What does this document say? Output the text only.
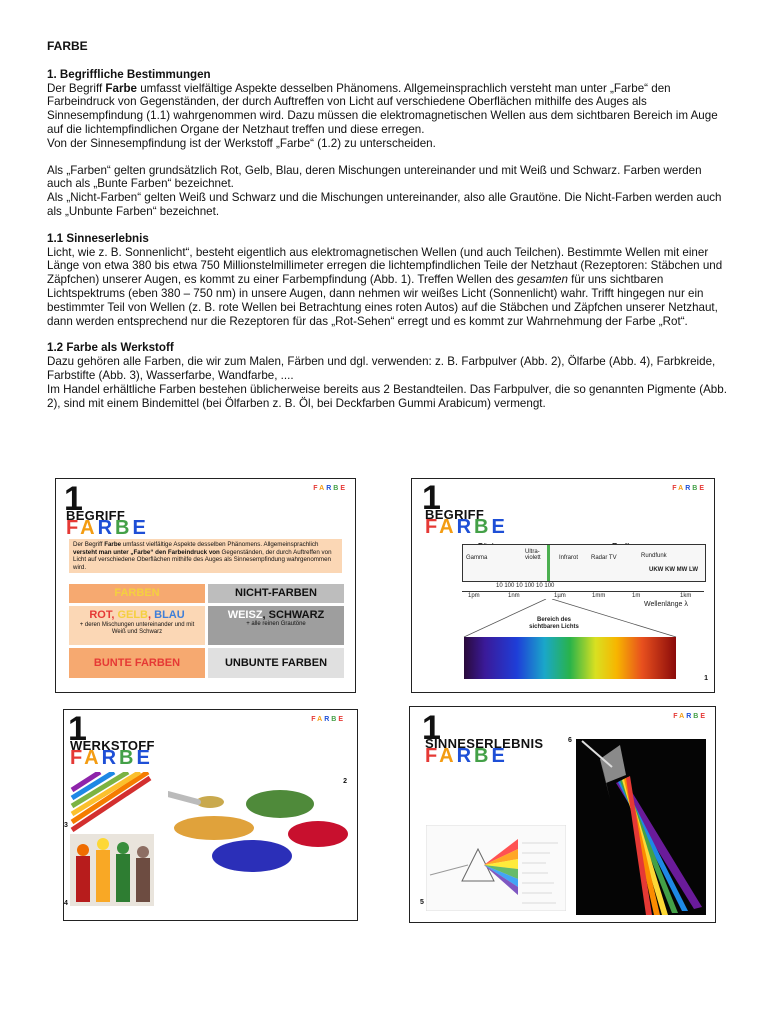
FARBE
1. Begriffliche Bestimmungen

Der Begriff Farbe umfasst vielfältige Aspekte desselben Phänomens. Allgemeinsprachlich versteht man unter „Farbe“ den Farbeindruck von Gegenständen, der durch Auftreffen von Licht auf verschiedene Oberflächen mithilfe des Auges als Sinnesempfindung (1.1) wahrgenommen wird. Dazu müssen die elektromagnetischen Wellen aus dem sichtbaren Bereich im Auge auf die lichtempfindlichen Organe der Netzhaut treffen und diese erregen.

Von der Sinnesempfindung ist der Werkstoff „Farbe“ (1.2) zu unterscheiden.

Als „Farben“ gelten grundsätzlich Rot, Gelb, Blau, deren Mischungen untereinander und mit Weiß und Schwarz. Farben werden auch als „Bunte Farben“ bezeichnet.

Als „Nicht-Farben“ gelten Weiß und Schwarz und die Mischungen untereinander, also alle Grautöne. Die Nicht-Farben werden auch als „Unbunte Farben“ bezeichnet.

1.1 Sinneserlebnis

Licht, wie z. B. Sonnenlicht“, besteht eigentlich aus elektromagnetischen Wellen (und auch Teilchen). Bestimmte Wellen mit einer Länge von etwa 380 bis etwa 750 Millionstelmillimeter erregen die lichtempfindlichen Teile der Netzhaut (Rezeptoren: Stäbchen und Zäpfchen) unserer Augen, es kommt zu einer Farbempfindung (Abb. 1). Treffen Wellen des gesamten für uns sichtbaren Lichtspektrums (eben 380 – 750 nm) in unsere Augen, dann nehmen wir weißes Licht (Sonnenlicht) wahr. Trifft hingegen nur ein bestimmter Teil von Wellen (z. B. rote Wellen bei Betrachtung eines roten Autos) auf die Stäbchen und Zäpfchen unserer Netzhaut, dann werden entsprechend nur die Rezeptoren für das „Rot-Sehen“ erregt und es kommt zur Wahrnehmung der Farbe „Rot“.

1.2 Farbe als Werkstoff

Dazu gehören alle Farben, die wir zum Malen, Färben und dgl. verwenden: z. B. Farbpulver (Abb. 2), Ölfarbe (Abb. 4), Farbkreide, Farbstifte (Abb. 3), Wasserfarbe, Wandfarbe, ....

Im Handel erhältliche Farben bestehen üblicherweise bereits aus 2 Bestandteilen. Das Farbpulver, die so genannten Pigmente (Abb. 2), sind mit einem Bindemittel (bei Ölfarben z. B. Öl, bei Deckfarben Gummi Arabicum) vermengt.

1
BEGRIFF
FARBE
FARBE
Der Begriff Farbe umfasst vielfältige Aspekte desselben Phänomens. Allgemeinsprachlich versteht man unter „Farbe“ den Farbeindruck von Gegenständen, der durch Auftreffen von Licht auf verschiedene Oberflächen mithilfe des Auges als Sinnesempfindung wahrgenommen wird.
FARBEN	NICHT-FARBEN
ROT, GELB, BLAU
+ deren Mischungen untereinander und mit Weiß und Schwarz
WEISZ, SCHWARZ
+ alle reinen Grautöne
BUNTE FARBEN	UNBUNTE FARBEN
1
BEGRIFF
FARBE
FARBE
Gamma
Ultra-violett	Infrarot Radar TV	Rundfunk
UKW KW MW LW
10 100 10 100 10 100
1pm	1nm	1µm	1mm	1m	1km
Wellenlänge λ
Bereich des sichtbaren Lichts
1
1
WERKSTOFF
FARBE
FARBE
3
4
2
1
SINNESERLEBNIS
FARBE
FARBE
6
5
